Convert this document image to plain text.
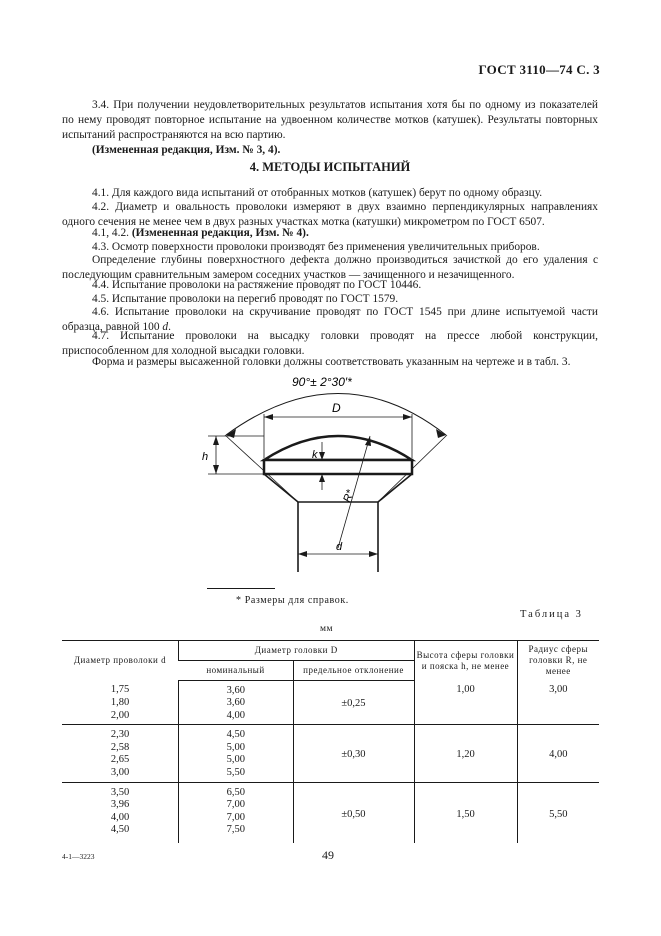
ГОСТ 3110—74 С. 3
3.4. При получении неудовлетворительных результатов испытания хотя бы по одному из показателей по нему проводят повторное испытание на удвоенном количестве мотков (катушек). Результаты повторных испытаний распространяются на всю партию.
(Измененная редакция, Изм. № 3, 4).
4. МЕТОДЫ ИСПЫТАНИЙ
4.1. Для каждого вида испытаний от отобранных мотков (катушек) берут по одному образцу.
4.2. Диаметр и овальность проволоки измеряют в двух взаимно перпендикулярных направлениях одного сечения не менее чем в двух разных участках мотка (катушки) микрометром по ГОСТ 6507.
4.1, 4.2. (Измененная редакция, Изм. № 4).
4.3. Осмотр поверхности проволоки производят без применения увеличительных приборов.
Определение глубины поверхностного дефекта должно производиться зачисткой до его удаления с последующим сравнительным замером соседних участков — зачищенного и незачищенного.
4.4. Испытание проволоки на растяжение проводят по ГОСТ 10446.
4.5. Испытание проволоки на перегиб проводят по ГОСТ 1579.
4.6. Испытание проволоки на скручивание проводят по ГОСТ 1545 при длине испытуемой части образца, равной 100 d.
4.7. Испытание проволоки на высадку головки проводят на прессе любой конструкции, приспособленном для холодной высадки головки.
Форма и размеры высаженной головки должны соответствовать указанным на чертеже и в табл. 3.
90°± 2°30′*
D
h	k
R*
d
* Размеры для справок.
Таблица 3
мм
Диаметр проволоки d	Диаметр головки D		Высота сферы головки и пояска h, не менее	Радиус сферы головки R, не менее
	номинальный	предельное отклонение		
1,75	3,60	±0,25	1,00	3,00
1,80	3,60			
2,00	4,00			
2,30	4,50	±0,30	1,20	4,00
2,58	5,00			
2,65	5,00			
3,00	5,50			
3,50	6,50	±0,50	1,50	5,50
3,96	7,00			
4,00	7,00			
4,50	7,50			
4-1—3223	49
